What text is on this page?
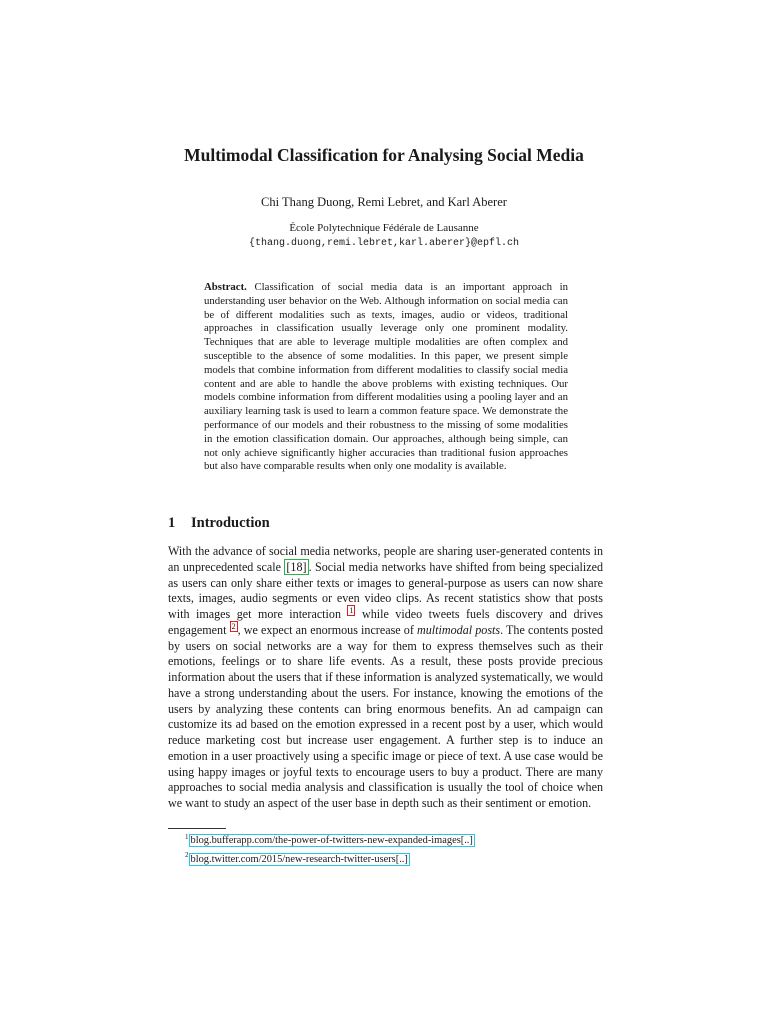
Multimodal Classification for Analysing Social Media
Chi Thang Duong, Remi Lebret, and Karl Aberer
École Polytechnique Fédérale de Lausanne
{thang.duong,remi.lebret,karl.aberer}@epfl.ch
Abstract. Classification of social media data is an important approach in understanding user behavior on the Web. Although information on social media can be of different modalities such as texts, images, audio or videos, traditional approaches in classification usually leverage only one prominent modality. Techniques that are able to leverage multiple modalities are often complex and susceptible to the absence of some modalities. In this paper, we present simple models that combine information from different modalities to classify social media content and are able to handle the above problems with existing techniques. Our models combine information from different modalities using a pooling layer and an auxiliary learning task is used to learn a common feature space. We demonstrate the performance of our models and their robustness to the missing of some modalities in the emotion classification domain. Our approaches, although being simple, can not only achieve significantly higher accuracies than traditional fusion approaches but also have comparable results when only one modality is available.
1 Introduction
With the advance of social media networks, people are sharing user-generated contents in an unprecedented scale [18] . Social media networks have shifted from being specialized as users can only share either texts or images to general-purpose as users can now share texts, images, audio segments or even video clips. As recent statistics show that posts with images get more interaction $^1$ while video tweets fuels discovery and drives engagement $^2$ , we expect an enormous increase of multimodal posts. The contents posted by users on social networks are a way for them to express themselves such as their emotions, feelings or to share life events. As a result, these posts provide precious information about the users that if these information is analyzed systematically, we would have a strong understanding about the users. For instance, knowing the emotions of the users by analyzing these contents can bring enormous benefits. An ad campaign can customize its ad based on the emotion expressed in a recent post by a user, which would reduce marketing cost but increase user engagement. A further step is to induce an emotion in a user proactively using a specific image or piece of text. A use case would be using happy images or joyful texts to encourage users to buy a product. There are many approaches to social media analysis and classification is usually the tool of choice when we want to study an aspect of the user base in depth such as their sentiment or emotion.
$^1$ blog.bufferapp.com/the-power-of-twitters-new-expanded-images[..]
$^2$ blog.twitter.com/2015/new-research-twitter-users[..]
